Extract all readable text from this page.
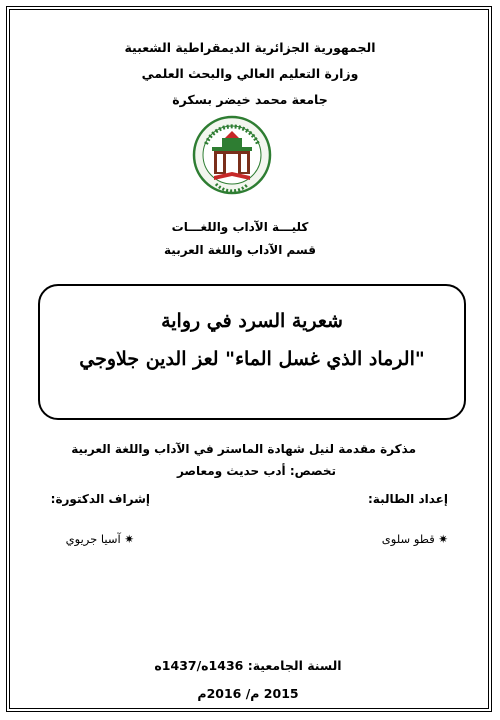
الجمهورية الجزائرية الديمقراطية الشعبية
وزارة التعليم العالي والبحث العلمي
جامعة محمد خيضر بسكرة
كليـــة الآداب واللغـــات
قسم الآداب واللغة العربية
شعرية السرد في رواية
"الرماد الذي غسل الماء" لعز الدين جلاوجي
مذكرة مقدمة لنيل شهادة الماستر في الآداب واللغة العربية
تخصص: أدب حديث ومعاصر
إعداد الطالبة:
إشراف الدكتورة:
✷ قطو سلوى
✷ آسيا جريوي
السنة الجامعية: 1436ه/1437ه
2015 م/ 2016م
